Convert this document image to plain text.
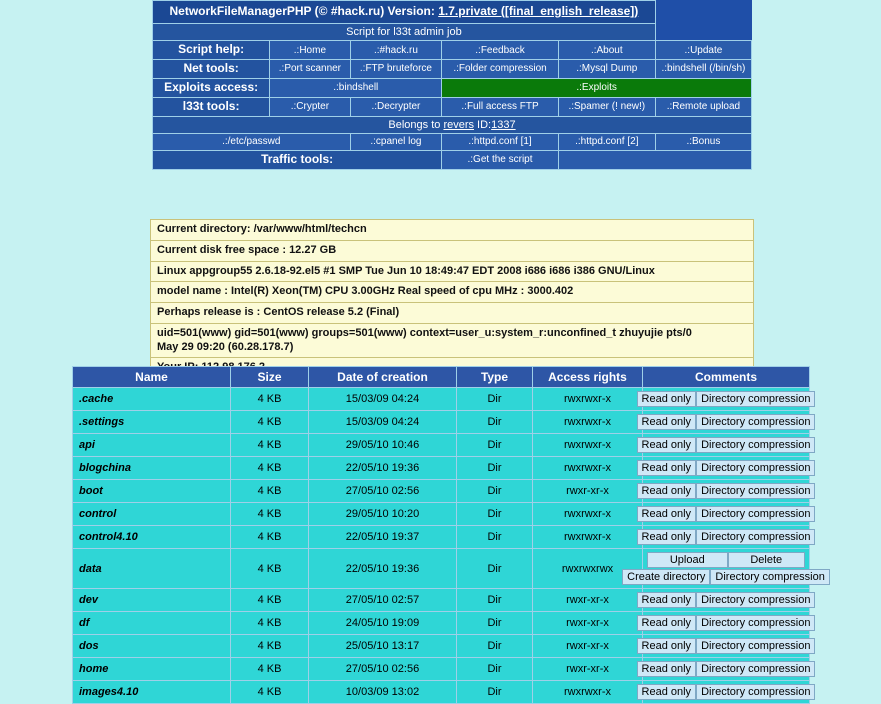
NetworkFileManagerPHP (© #hack.ru) Version: 1.7.private ([final_english_release])					
Script for l33t admin job					
Script help:	.:Home	.:#hack.ru	.:Feedback	.:About	.:Update
Net tools:	.:Port scanner	.:FTP bruteforce	.:Folder compression	.:Mysql Dump	.:bindshell (/bin/sh)
Exploits access:	.:bindshell		.:Exploits		
l33t tools:	.:Crypter	.:Decrypter	.:Full access FTP	.:Spamer (! new!)	.:Remote upload
Belongs to revers ID:1337					
.:/etc/passwd		.:cpanel log	.:httpd.conf [1]	.:httpd.conf [2]	.:Bonus
Traffic tools:			.:Get the script		
Current directory: /var/www/html/techcn
Current disk free space : 12.27 GB
Linux appgroup55 2.6.18-92.el5 #1 SMP Tue Jun 10 18:49:47 EDT 2008 i686 i686 i386 GNU/Linux
model name : Intel(R) Xeon(TM) CPU 3.00GHz Real speed of cpu MHz : 3000.402
Perhaps release is : CentOS release 5.2 (Final)

uid=501(www) gid=501(www) groups=501(www) context=user_u:system_r:unconfined_t zhuyujie pts/0
May 29 09:20 (60.28.178.7)

Name	Size	Date of creation	Type	Access rights	Comments
.cache	4 KB	15/03/09 04:24	Dir	rwxrwxr-x	Read only Directory compression

.settings	4 KB	15/03/09 04:24	Dir	rwxrwxr-x	Read only Directory compression

api	4 KB	29/05/10 10:46	Dir	rwxrwxr-x	Read only Directory compression

blogchina	4 KB	22/05/10 19:36	Dir	rwxrwxr-x	Read only Directory compression

boot	4 KB	27/05/10 02:56	Dir	rwxr-xr-x	Read only Directory compression

control	4 KB	29/05/10 10:20	Dir	rwxrwxr-x	Read only Directory compression

control4.10	4 KB	22/05/10 19:37	Dir	rwxrwxr-x	Read only Directory compression

data	4 KB	22/05/10 19:36	Dir	rwxrwxrwx	Upload Delete
Create directory Directory compression

dev	4 KB	27/05/10 02:57	Dir	rwxr-xr-x	Read only Directory compression

df	4 KB	24/05/10 19:09	Dir	rwxr-xr-x	Read only Directory compression

dos	4 KB	25/05/10 13:17	Dir	rwxr-xr-x	Read only Directory compression

home	4 KB	27/05/10 02:56	Dir	rwxr-xr-x	Read only Directory compression

images4.10	4 KB	10/03/09 13:02	Dir	rwxrwxr-x	Read only Directory compression
